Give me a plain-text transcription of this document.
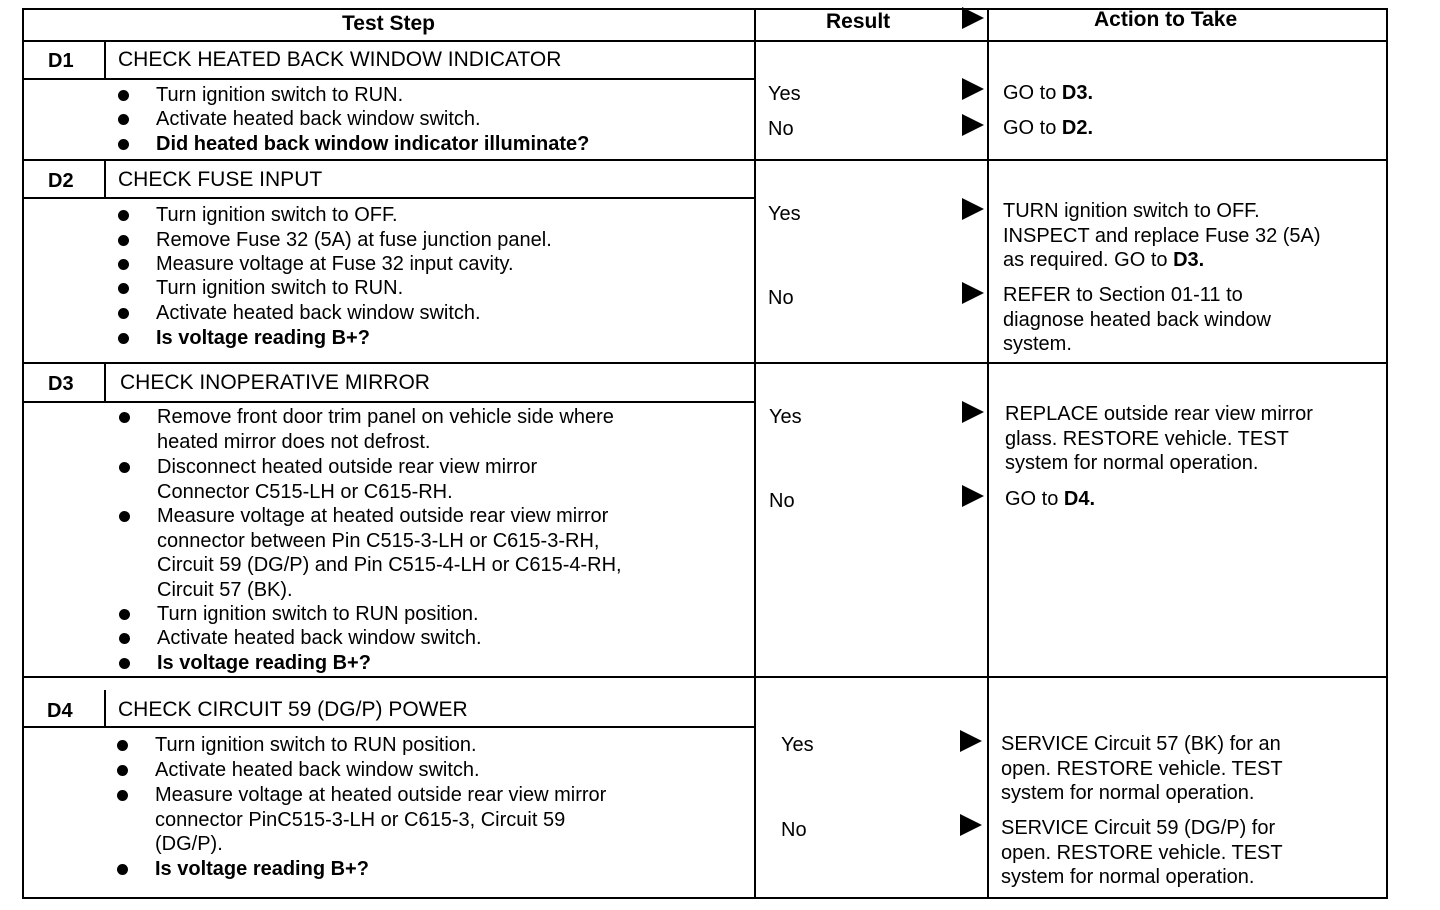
Test Step	Result	Action to Take
D1 CHECK HEATED BACK WINDOW INDICATOR
Turn ignition switch to RUN.
Activate heated back window switch.
Did heated back window indicator illuminate?
Yes	GO to D3.
No	GO to D2.
D2 CHECK FUSE INPUT
Turn ignition switch to OFF.
Remove Fuse 32 (5A) at fuse junction panel.
Measure voltage at Fuse 32 input cavity.
Turn ignition switch to RUN.
Activate heated back window switch.
Is voltage reading B+?
Yes	TURN ignition switch to OFF.
INSPECT and replace Fuse 32 (5A)
as required. GO to D3.
No	REFER to Section 01-11 to
diagnose heated back window
system.
D3 CHECK INOPERATIVE MIRROR
Remove front door trim panel on vehicle side where
heated mirror does not defrost.
Disconnect heated outside rear view mirror
Connector C515-LH or C615-RH.
Measure voltage at heated outside rear view mirror
connector between Pin C515-3-LH or C615-3-RH,
Circuit 59 (DG/P) and Pin C515-4-LH or C615-4-RH,
Circuit 57 (BK).
Turn ignition switch to RUN position.
Activate heated back window switch.
Is voltage reading B+?
Yes	REPLACE outside rear view mirror
glass. RESTORE vehicle. TEST
system for normal operation.
No	GO to D4.
D4 CHECK CIRCUIT 59 (DG/P) POWER
Turn ignition switch to RUN position.
Activate heated back window switch.
Measure voltage at heated outside rear view mirror
connector PinC515-3-LH or C615-3, Circuit 59
(DG/P).
Is voltage reading B+?
Yes	SERVICE Circuit 57 (BK) for an
open. RESTORE vehicle. TEST
system for normal operation.
No	SERVICE Circuit 59 (DG/P) for
open. RESTORE vehicle. TEST
system for normal operation.
